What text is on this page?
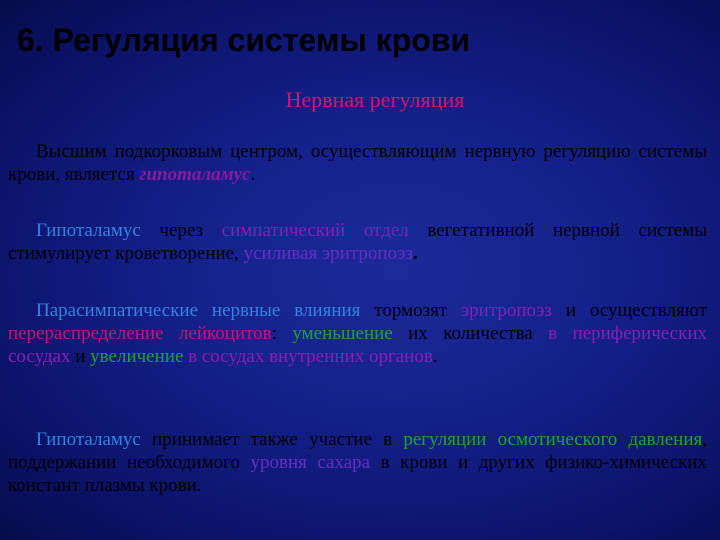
6. Регуляция системы крови
Нервная регуляция
Высшим подкорковым центром, осуществляющим нервную регуляцию системы крови, является гипоталамус.
Гипоталамус через симпатический отдел вегетативной нервной системы стимулирует кроветворение, усиливая эритропоэз.
Парасимпатические нервные влияния тормозят эритропоэз и осуществляют перераспределение лейкоцитов: уменьшение их количества в периферических сосудах и увеличение в сосудах внутренних органов.
Гипоталамус принимает также участие в регуляции осмотического давления, поддержании необходимого уровня сахара в крови и других физико-химических констант плазмы крови.
